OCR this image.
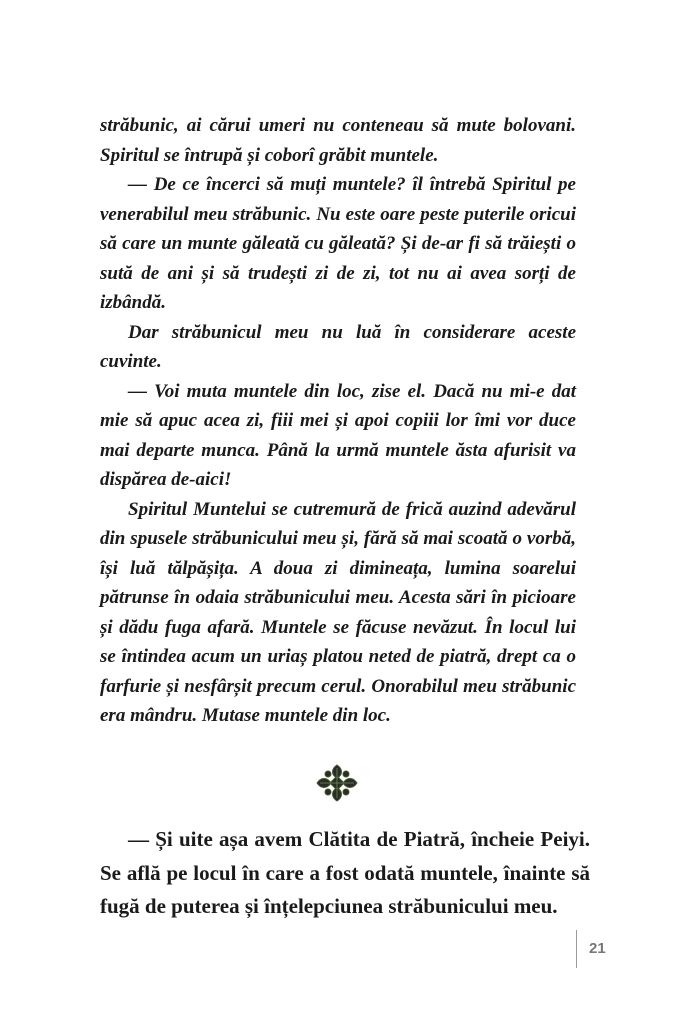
străbunic, ai cărui umeri nu conteneau să mute bolovani. Spiritul se întrupă și coborî grăbit muntele.

— De ce încerci să muți muntele? îl întrebă Spiritul pe venerabilul meu străbunic. Nu este oare peste puterile oricui să care un munte găleată cu găleată? Și de-ar fi să trăiești o sută de ani și să trudești zi de zi, tot nu ai avea sorți de izbândă.

Dar străbunicul meu nu luă în considerare aceste cuvinte.

— Voi muta muntele din loc, zise el. Dacă nu mi-e dat mie să apuc acea zi, fiii mei și apoi copiii lor îmi vor duce mai departe munca. Până la urmă muntele ăsta afurisit va dispărea de-aici!

Spiritul Muntelui se cutremură de frică auzind adevărul din spusele străbunicului meu și, fără să mai scoată o vorbă, își luă tălpășița. A doua zi dimineața, lumina soarelui pătrunse în odaia străbunicului meu. Acesta sări în picioare și dădu fuga afară. Muntele se făcuse nevăzut. În locul lui se întindea acum un uriaș platou neted de piatră, drept ca o farfurie și nesfârșit precum cerul. Onorabilul meu străbunic era mândru. Mutase muntele din loc.

— Și uite așa avem Clătita de Piatră, încheie Peiyi. Se află pe locul în care a fost odată muntele, înainte să fugă de puterea și înțelepciunea străbunicului meu.

21
